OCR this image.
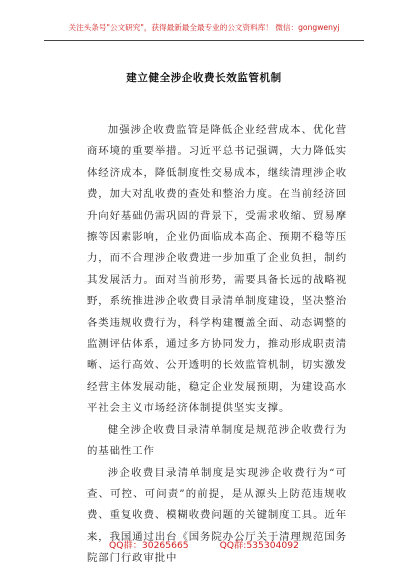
关注头条号"公文研究"，获得最新最全最专业的公文资料库！ 微信：gongwenyj
建立健全涉企收费长效监管机制

加强涉企收费监管是降低企业经营成本、优化营商环境的重要举措。习近平总书记强调，大力降低实体经济成本，降低制度性交易成本，继续清理涉企收费，加大对乱收费的查处和整治力度。在当前经济回升向好基础仍需巩固的背景下，受需求收缩、贸易摩擦等因素影响，企业仍面临成本高企、预期不稳等压力，而不合理涉企收费进一步加重了企业负担，制约其发展活力。面对当前形势，需要具备长远的战略视野，系统推进涉企收费目录清单制度建设，坚决整治各类违规收费行为，科学构建覆盖全面、动态调整的监测评估体系，通过多方协同发力，推动形成职责清晰、运行高效、公开透明的长效监管机制，切实激发经营主体发展动能，稳定企业发展预期，为建设高水平社会主义市场经济体制提供坚实支撑。

健全涉企收费目录清单制度是规范涉企收费行为的基础性工作

涉企收费目录清单制度是实现涉企收费行为“可查、可控、可问责”的前提，是从源头上防范违规收费、重复收费、模糊收费问题的关键制度工具。近年来，我国通过出台《国务院办公厅关于清理规范国务院部门行政审批中

QQ群：30265665	QQ群:535304092
